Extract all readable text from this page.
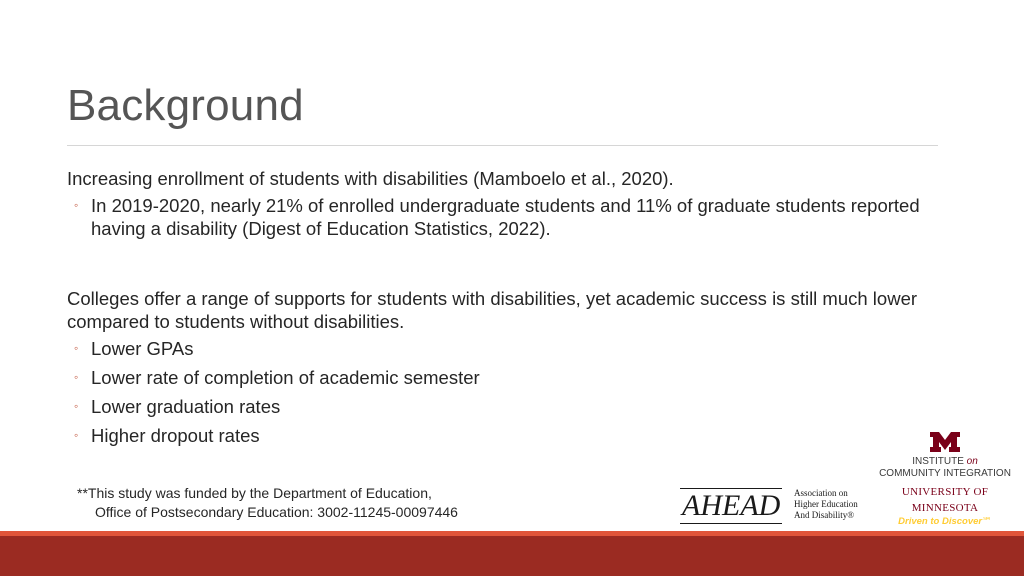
Background
Increasing enrollment of students with disabilities (Mamboelo et al., 2020).
◦ In 2019-2020, nearly 21% of enrolled undergraduate students and 11% of graduate students reported having a disability (Digest of Education Statistics, 2022).
Colleges offer a range of supports for students with disabilities, yet academic success is still much lower compared to students without disabilities.
◦ Lower GPAs
◦ Lower rate of completion of academic semester
◦ Lower graduation rates
◦ Higher dropout rates
**This study was funded by the Department of Education,
Office of Postsecondary Education: 3002-11245-00097446	AHEAD Association on
Higher Education
And Disability®
INSTITUTE on
COMMUNITY INTEGRATION
UNIVERSITY OF MINNESOTA
Driven to Discover℠
